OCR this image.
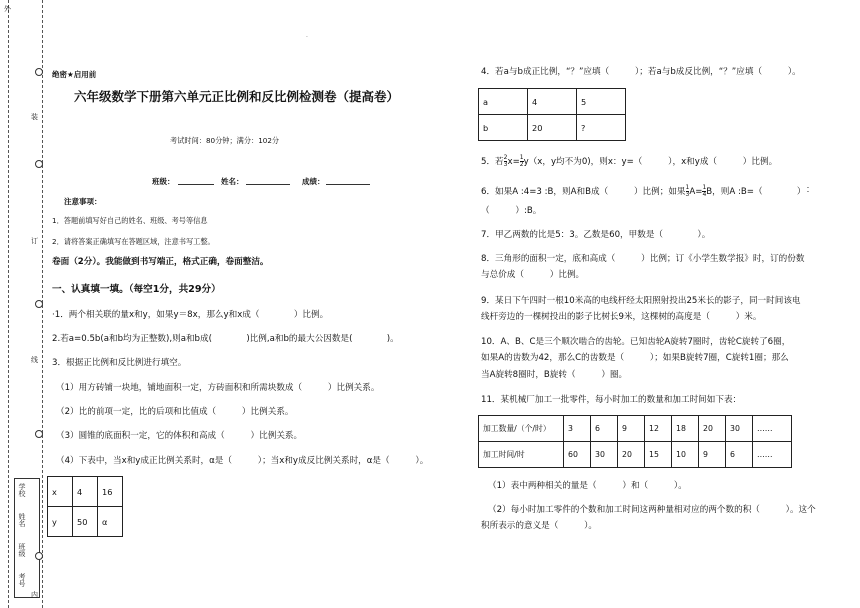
外
装
订
线
学校
姓名
班级
考号
内
绝密★启用前
六年级数学下册第六单元正比例和反比例检测卷（提高卷）
考试时间：80分钟；满分：102分
班级：	姓名：	成绩：
注意事项：
1．答题前填写好自己的姓名、班级、考号等信息
2．请将答案正确填写在答题区域，注意书写工整。
卷面（2分）。我能做到书写端正，格式正确，卷面整洁。
一、认真填一填。（每空1分，共29分）
·1．两个相关联的量x和y，如果y＝8x，那么y和x成（　　　　）比例。
2.若a=0.5b(a和b均为正整数),则a和b成(　　　　)比例,a和b的最大公因数是(　　　　)。
3．根据正比例和反比例进行填空。
（1）用方砖铺一块地，铺地面积一定，方砖面积和所需块数成（　　　）比例关系。
（2）比的前项一定，比的后项和比值成（　　　）比例关系。
（3）圆锥的底面积一定，它的体积和高成（　　　）比例关系。
（4）下表中，当x和y成正比例关系时，α是（　　　）；当x和y成反比例关系时，α是（　　　）。
x	4	16
y	50	α
·
4．若a与b成正比例，“？”应填（　　　）；若a与b成反比例，“？”应填（　　　）。
a	4	5
b	20	?
5．若 $\frac{2}{3} x= \frac{1}{2} y(x$，y均不为0)，则x：y=（　　　），x和y成（　　　）比例。
6．如果A :4=3 :B，则A和B成（　　　）比例；如果 $\frac{1}{3} A= \frac{1}{4}$ B，则A :B=（　　　　） ：
（　　　）:B。
7．甲乙两数的比是5：3。乙数是60，甲数是（　　　　）。
8．三角形的面积一定，底和高成（　　　）比例；订《小学生数学报》时，订的份数
与总价成（　　　）比例。
9．某日下午四时一根10米高的电线杆经太阳照射投出25米长的影子，同一时间该电
线杆旁边的一棵树投出的影子比树长9米，这棵树的高度是（　　　）米。
10．A、B、C是三个顺次啮合的齿轮。已知齿轮A旋转7圈时，齿轮C旋转了6圈，
如果A的齿数为42，那么C的齿数是（　　　）；如果B旋转7圈，C旋转1圈；那么
当A旋转8圈时，B旋转（　　　）圈。
11．某机械厂加工一批零件，每小时加工的数量和加工时间如下表：
加工数量/（个/时）	3	6	9	12	18	20	30	……
加工时间/时	60	30	20	15	10	9	6	……
（1）表中两种相关的量是（　　　）和（　　　）。
（2）每小时加工零件的个数和加工时间这两种量相对应的两个数的积（　　　）。这个
积所表示的意义是（　　　）。
